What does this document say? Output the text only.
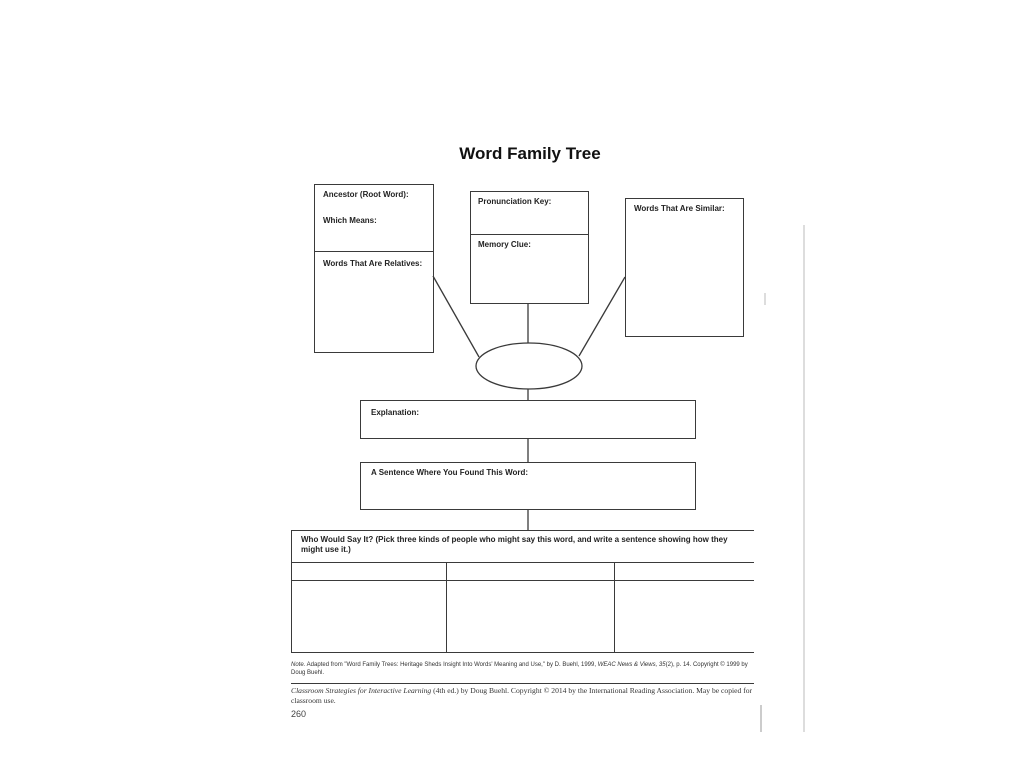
Word Family Tree
Ancestor (Root Word):
Which Means:
Words That Are Relatives:
Pronunciation Key:
Memory Clue:
Words That Are Similar:
Explanation:
A Sentence Where You Found This Word:
Who Would Say It? (Pick three kinds of people who might say this word, and write a sentence showing how they might use it.)
Note. Adapted from "Word Family Trees: Heritage Sheds Insight Into Words' Meaning and Use," by D. Buehl, 1999, WEAC News & Views, 35(2), p. 14. Copyright © 1999 by Doug Buehl.
Classroom Strategies for Interactive Learning (4th ed.) by Doug Buehl. Copyright © 2014 by the International Reading Association. May be copied for classroom use.
260
